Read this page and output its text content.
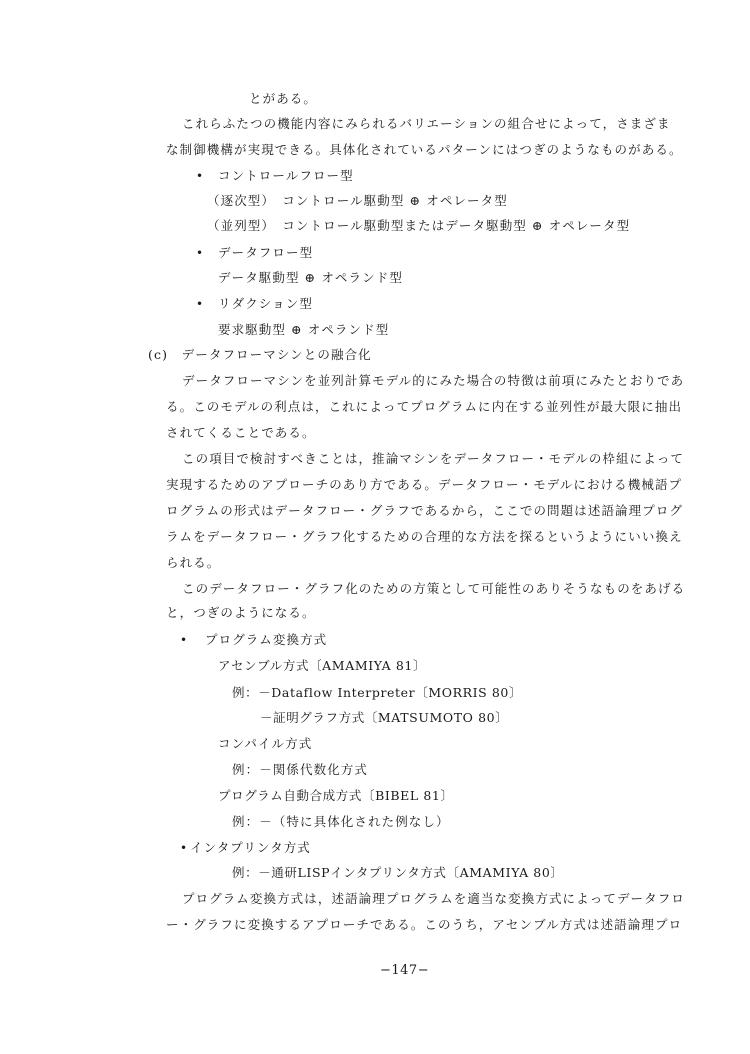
とがある。
これらふたつの機能内容にみられるバリエーションの組合せによって，さまざま
な制御機構が実現できる。具体化されているパターンにはつぎのようなものがある。
• コントロールフロー型
（逐次型）　コントロール駆動型 ⊕ オペレータ型
（並列型）　コントロール駆動型またはデータ駆動型 ⊕ オペレータ型
• データフロー型
データ駆動型 ⊕ オペランド型
• リダクション型
要求駆動型 ⊕ オペランド型
(c)　データフローマシンとの融合化
データフローマシンを並列計算モデル的にみた場合の特徴は前項にみたとおりであ
る。このモデルの利点は，これによってプログラムに内在する並列性が最大限に抽出
されてくることである。
この項目で検討すべきことは，推論マシンをデータフロー・モデルの枠組によって
実現するためのアプローチのあり方である。データフロー・モデルにおける機械語プ
ログラムの形式はデータフロー・グラフであるから，ここでの問題は述語論理プログ
ラムをデータフロー・グラフ化するための合理的な方法を探るというようにいい換え
られる。
このデータフロー・グラフ化のための方策として可能性のありそうなものをあげる
と，つぎのようになる。
• プログラム変換方式
アセンブル方式〔AMAMIYA 81〕
例：－Dataflow Interpreter〔MORRIS 80〕
－証明グラフ方式〔MATSUMOTO 80〕
コンパイル方式
例：－関係代数化方式
プログラム自動合成方式〔BIBEL 81〕
例：－（特に具体化された例なし）
• インタプリンタ方式
例：－通研LISPインタプリンタ方式〔AMAMIYA 80〕
プログラム変換方式は，述語論理プログラムを適当な変換方式によってデータフロ
ー・グラフに変換するアプローチである。このうち，アセンブル方式は述語論理プロ
−147−
